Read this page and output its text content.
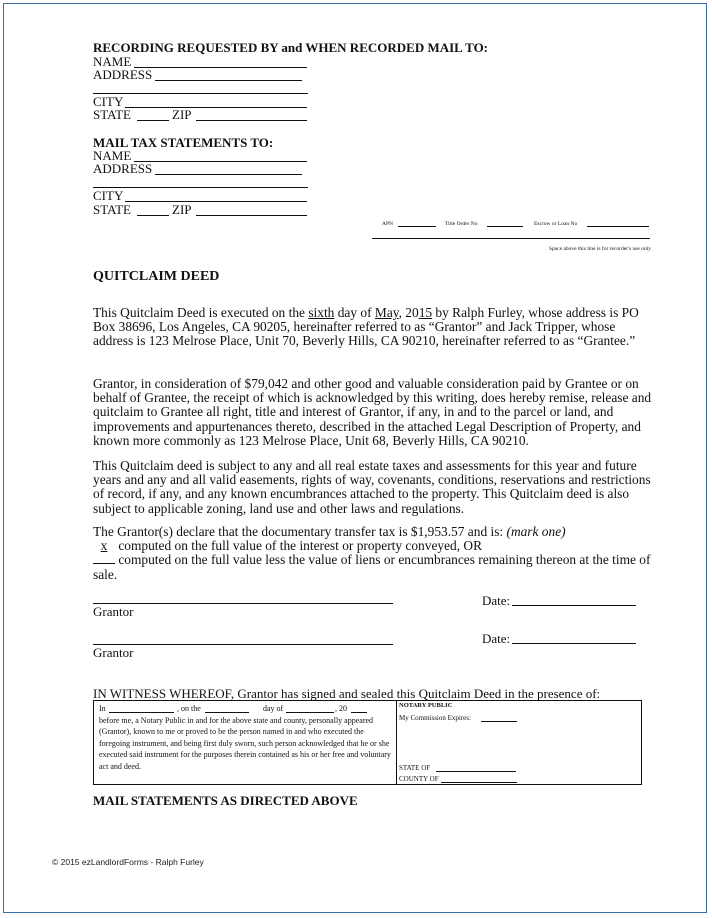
RECORDING REQUESTED BY and WHEN RECORDED MAIL TO:
NAME
ADDRESS
CITY
STATE	ZIP
MAIL TAX STATEMENTS TO:
NAME
ADDRESS
CITY
STATE	ZIP
APN	Title Order No	Escrow or Loan No
Space above this line is for recorder's use only
QUITCLAIM DEED
This Quitclaim Deed is executed on the sixth day of May, 2015 by Ralph Furley, whose address is PO Box 38696, Los Angeles, CA 90205, hereinafter referred to as “Grantor” and Jack Tripper, whose address is 123 Melrose Place, Unit 70, Beverly Hills, CA 90210, hereinafter referred to as “Grantee.”
Grantor, in consideration of $79,042 and other good and valuable consideration paid by Grantee or on behalf of Grantee, the receipt of which is acknowledged by this writing, does hereby remise, release and quitclaim to Grantee all right, title and interest of Grantor, if any, in and to the parcel or land, and improvements and appurtenances thereto, described in the attached Legal Description of Property, and known more commonly as 123 Melrose Place, Unit 68, Beverly Hills, CA 90210.
This Quitclaim deed is subject to any and all real estate taxes and assessments for this year and future years and any and all valid easements, rights of way, covenants, conditions, reservations and restrictions of record, if any, and any known encumbrances attached to the property. This Quitclaim deed is also subject to applicable zoning, land use and other laws and regulations.
The Grantor(s) declare that the documentary transfer tax is $1,953.57 and is: (mark one)
x computed on the full value of the interest or property conveyed, OR
computed on the full value less the value of liens or encumbrances remaining thereon at the time of sale.
Grantor
Date:
Grantor
Date:
IN WITNESS WHEREOF, Grantor has signed and sealed this Quitclaim Deed in the presence of:
In	, on the	day of	, 20
before me, a Notary Public in and for the above state and county, personally appeared (Grantor), known to me or proved to be the person named in and who executed the foregoing instrument, and being first duly sworn, such person acknowledged that he or she executed said instrument for the purposes therein contained as his or her free and voluntary act and deed.
NOTARY PUBLIC
My Commission Expires:
STATE OF
COUNTY OF
MAIL STATEMENTS AS DIRECTED ABOVE
© 2015 ezLandlordForms - Ralph Furley
